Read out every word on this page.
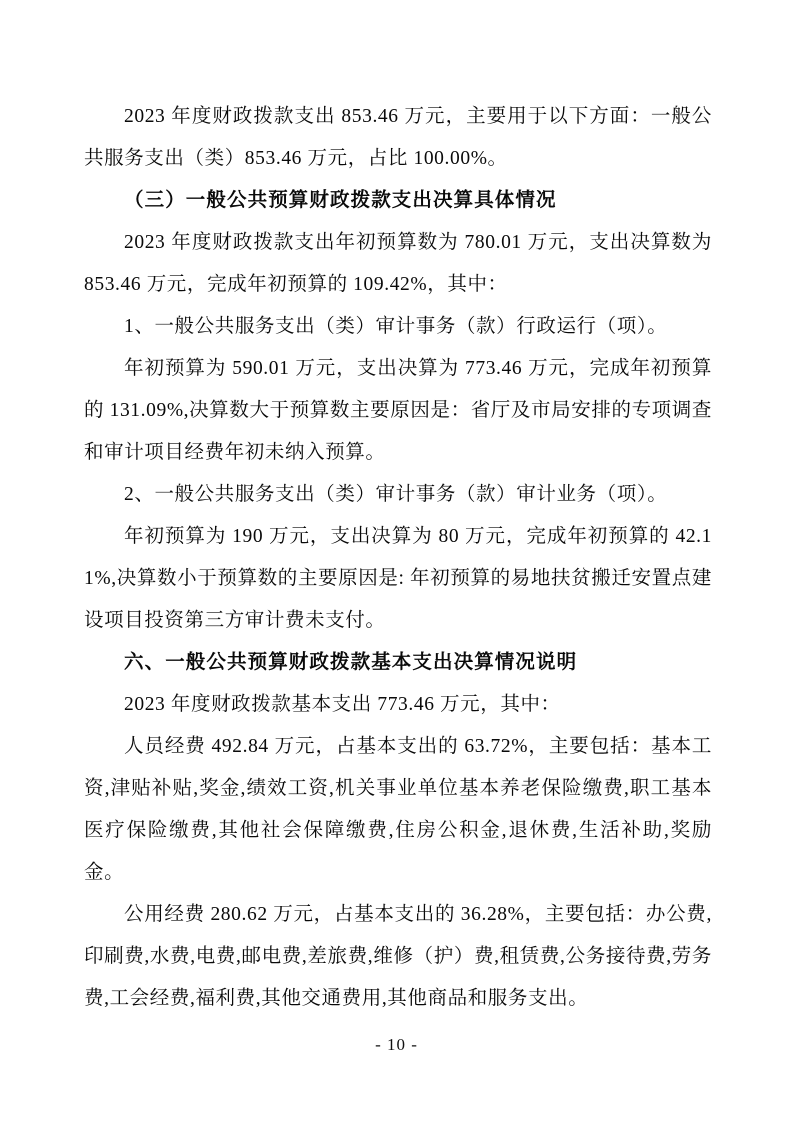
2023 年度财政拨款支出 853.46 万元，主要用于以下方面：一般公共服务支出（类）853.46 万元，占比 100.00%。

（三）一般公共预算财政拨款支出决算具体情况

2023 年度财政拨款支出年初预算数为 780.01 万元，支出决算数为 853.46 万元，完成年初预算的 109.42%，其中：

1、一般公共服务支出（类）审计事务（款）行政运行（项）。

年初预算为 590.01 万元，支出决算为 773.46 万元，完成年初预算的 131.09%,决算数大于预算数主要原因是：省厅及市局安排的专项调查和审计项目经费年初未纳入预算。

2、一般公共服务支出（类）审计事务（款）审计业务（项）。

年初预算为 190 万元，支出决算为 80 万元，完成年初预算的 42.11%,决算数小于预算数的主要原因是: 年初预算的易地扶贫搬迁安置点建设项目投资第三方审计费未支付。

六、一般公共预算财政拨款基本支出决算情况说明

2023 年度财政拨款基本支出 773.46 万元，其中：

人员经费 492.84 万元，占基本支出的 63.72%，主要包括：基本工资,津贴补贴,奖金,绩效工资,机关事业单位基本养老保险缴费,职工基本医疗保险缴费,其他社会保障缴费,住房公积金,退休费,生活补助,奖励金。

公用经费 280.62 万元，占基本支出的 36.28%，主要包括：办公费,印刷费,水费,电费,邮电费,差旅费,维修（护）费,租赁费,公务接待费,劳务费,工会经费,福利费,其他交通费用,其他商品和服务支出。

- 10 -
